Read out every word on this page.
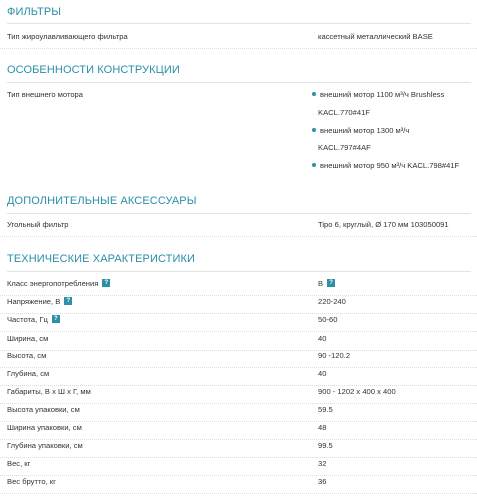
ФИЛЬТРЫ
Тип жироулавливающего фильтра	кассетный металлический BASE
ОСОБЕННОСТИ КОНСТРУКЦИИ
Тип внешнего мотора	внешний мотор 1100 м³/ч Brushless
KACL.770#41F
внешний мотор 1300 м³/ч
KACL.797#4AF
внешний мотор 950 м³/ч KACL.798#41F
ДОПОЛНИТЕЛЬНЫЕ АКСЕССУАРЫ
Угольный фильтр	Tipo 6, круглый, Ø 170 мм 103050091
ТЕХНИЧЕСКИЕ ХАРАКТЕРИСТИКИ
Класс энергопотребления ?	B ?
Напряжение, В ?	220-240
Частота, Гц ?	50-60
Ширина, см	40
Высота, см	90 -120.2
Глубина, см	40
Габариты, В х Ш х Г, мм	900 - 1202 x 400 x 400
Высота упаковки, см	59.5
Ширина упаковки, см	48
Глубина упаковки, см	99.5
Вес, кг	32
Вес брутто, кг	36
